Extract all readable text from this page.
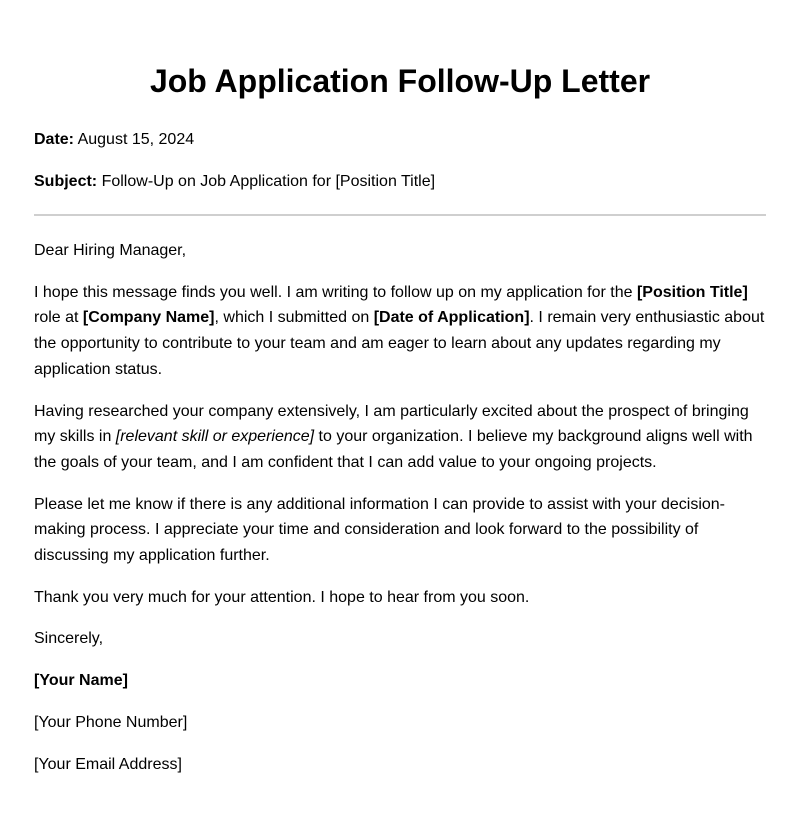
Job Application Follow-Up Letter

Date: August 15, 2024

Subject: Follow-Up on Job Application for [Position Title]

Dear Hiring Manager,

I hope this message finds you well. I am writing to follow up on my application for the [Position Title] role at [Company Name], which I submitted on [Date of Application]. I remain very enthusiastic about the opportunity to contribute to your team and am eager to learn about any updates regarding my application status.

Having researched your company extensively, I am particularly excited about the prospect of bringing my skills in [relevant skill or experience] to your organization. I believe my background aligns well with the goals of your team, and I am confident that I can add value to your ongoing projects.

Please let me know if there is any additional information I can provide to assist with your decision-making process. I appreciate your time and consideration and look forward to the possibility of discussing my application further.

Thank you very much for your attention. I hope to hear from you soon.

Sincerely,

[Your Name]

[Your Phone Number]

[Your Email Address]
